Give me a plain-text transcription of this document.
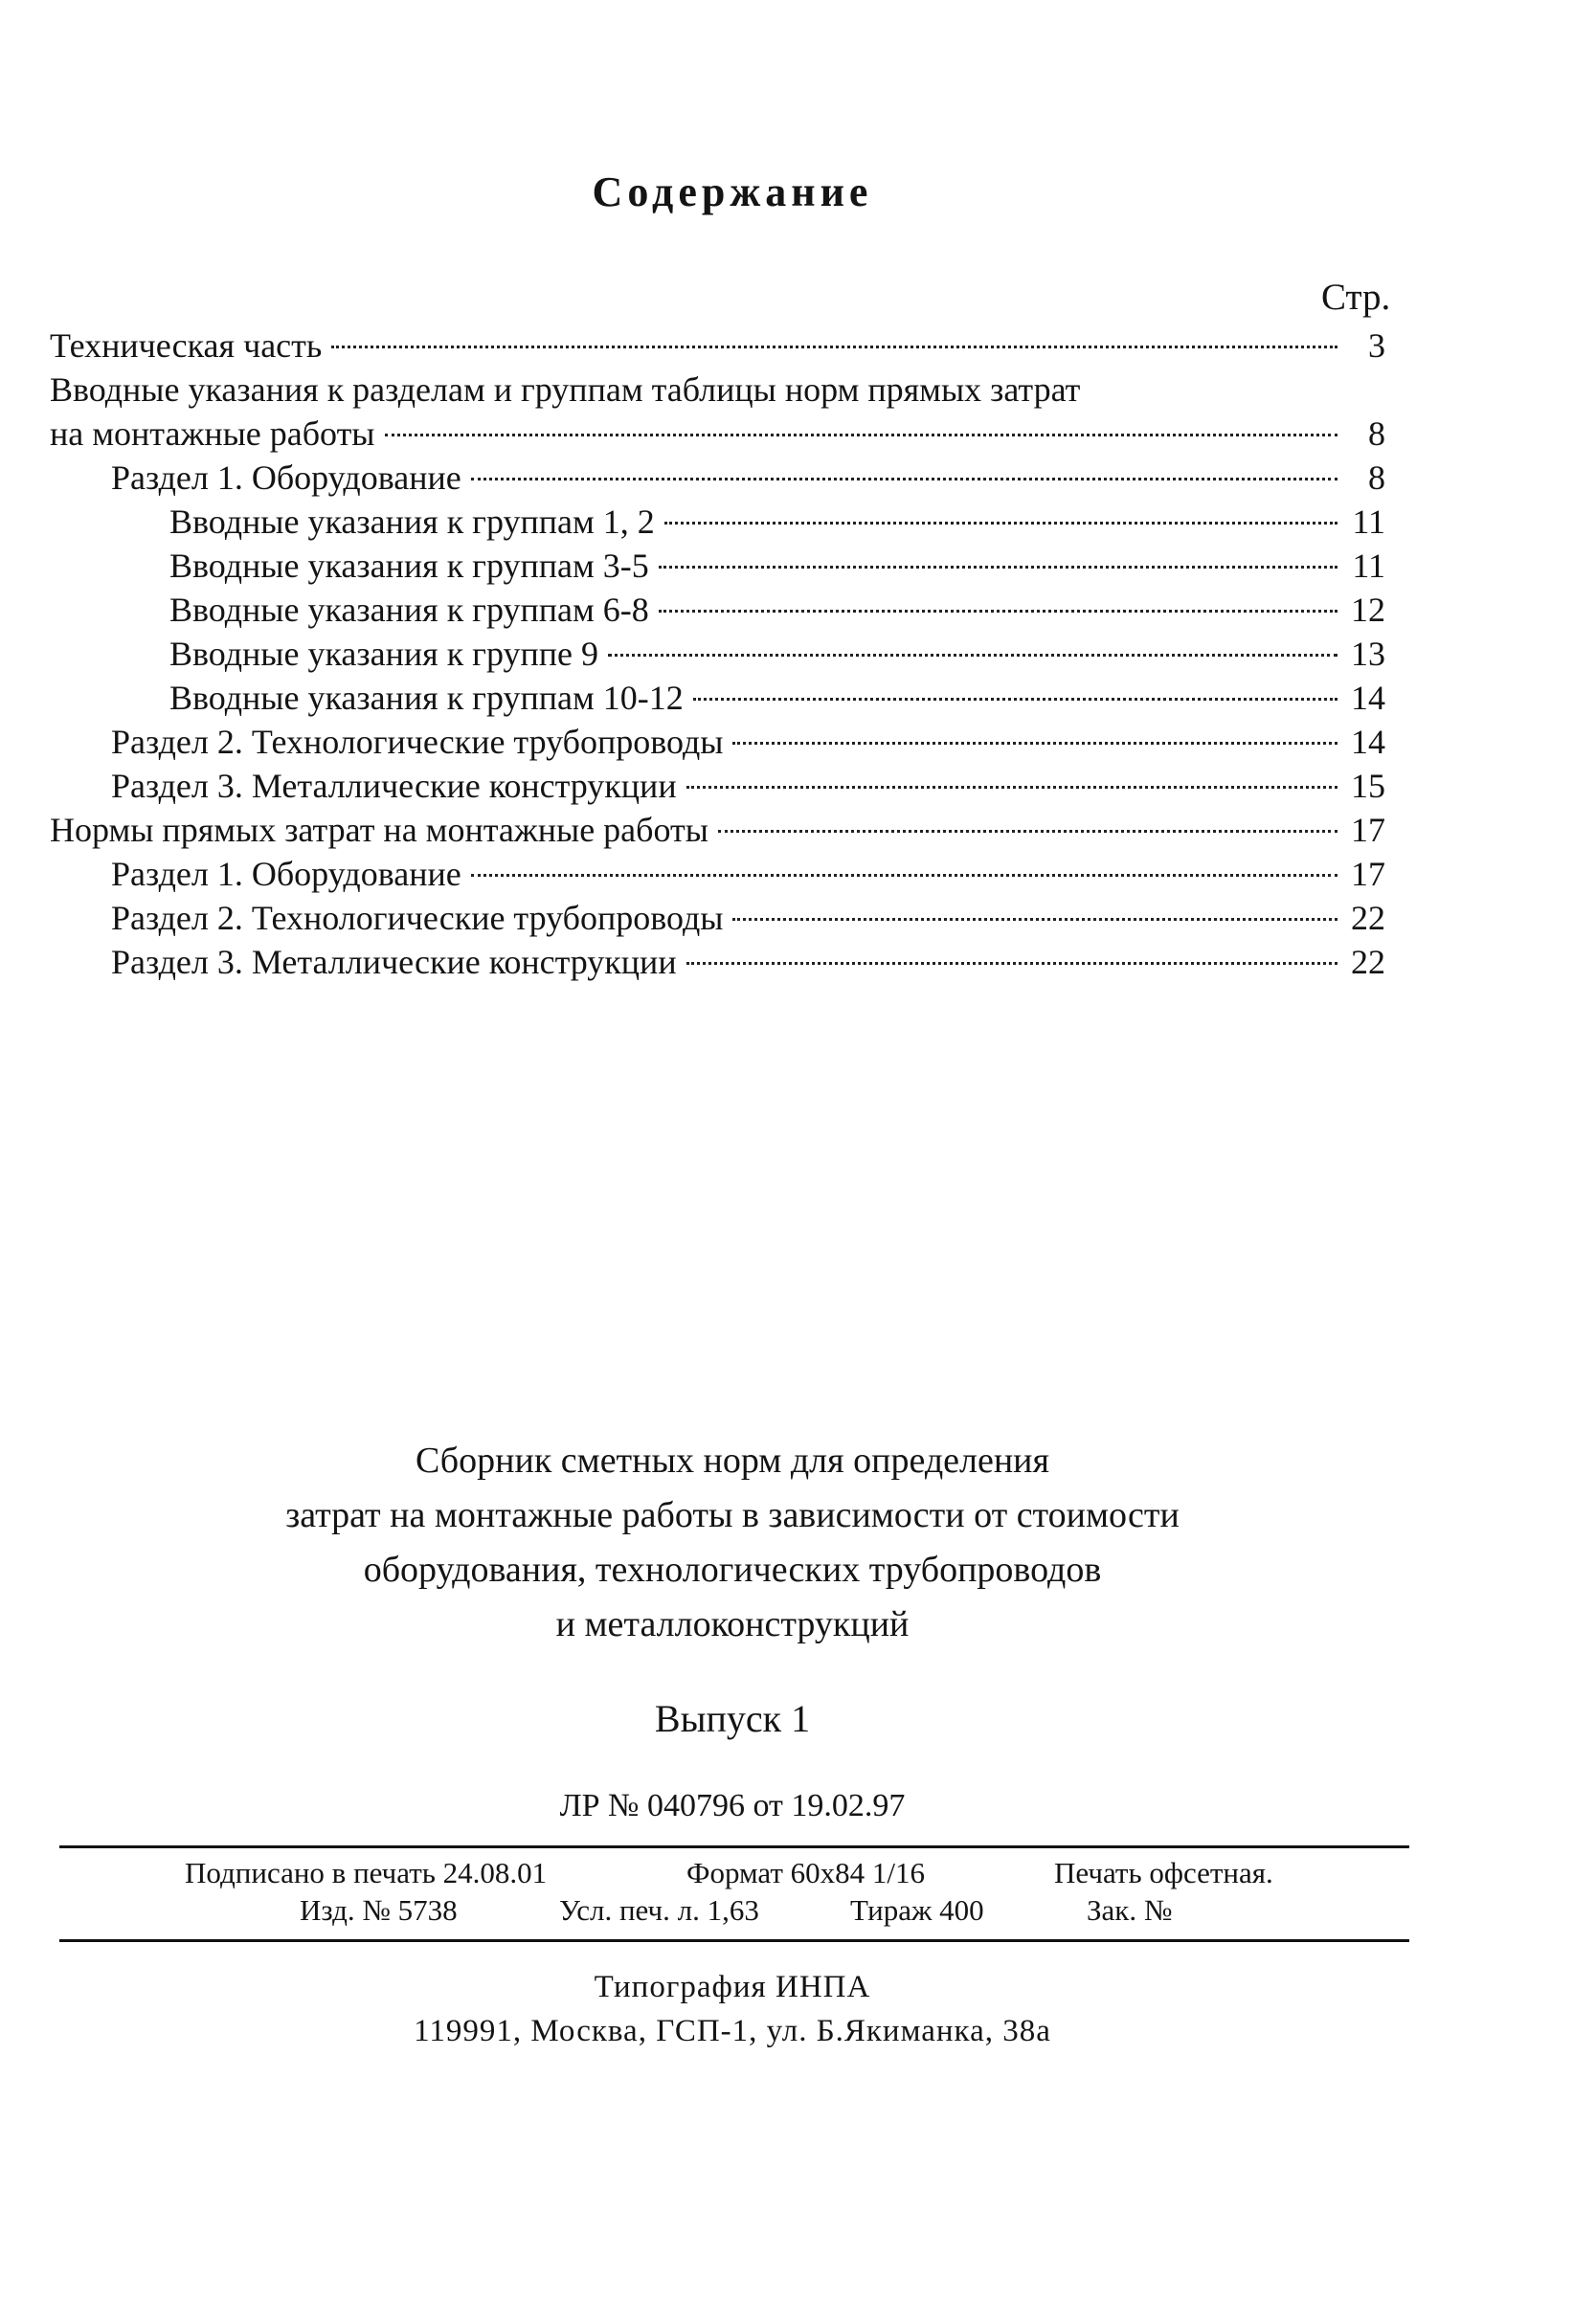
Содержание
Стр.
Техническая часть	3
Вводные указания к разделам и группам таблицы норм прямых затрат
на монтажные работы	8
Раздел 1. Оборудование	8
Вводные указания к группам 1, 2	11
Вводные указания к группам 3-5	11
Вводные указания к группам 6-8	12
Вводные указания к группе 9	13
Вводные указания к группам 10-12	14
Раздел 2. Технологические трубопроводы	14
Раздел 3. Металлические конструкции	15
Нормы прямых затрат на монтажные работы	17
Раздел 1. Оборудование	17
Раздел 2. Технологические трубопроводы	22
Раздел 3. Металлические конструкции	22
Сборник сметных норм для определения
затрат на монтажные работы в зависимости от стоимости
оборудования, технологических трубопроводов
и металлоконструкций
Выпуск 1
ЛР № 040796 от 19.02.97
Подписано в печать 24.08.01	Формат 60x84 1/16	Печать офсетная.
Изд. № 5738	Усл. печ. л. 1,63	Тираж 400	Зак. №
Типография ИНПА
119991, Москва, ГСП-1, ул. Б.Якиманка, 38а
